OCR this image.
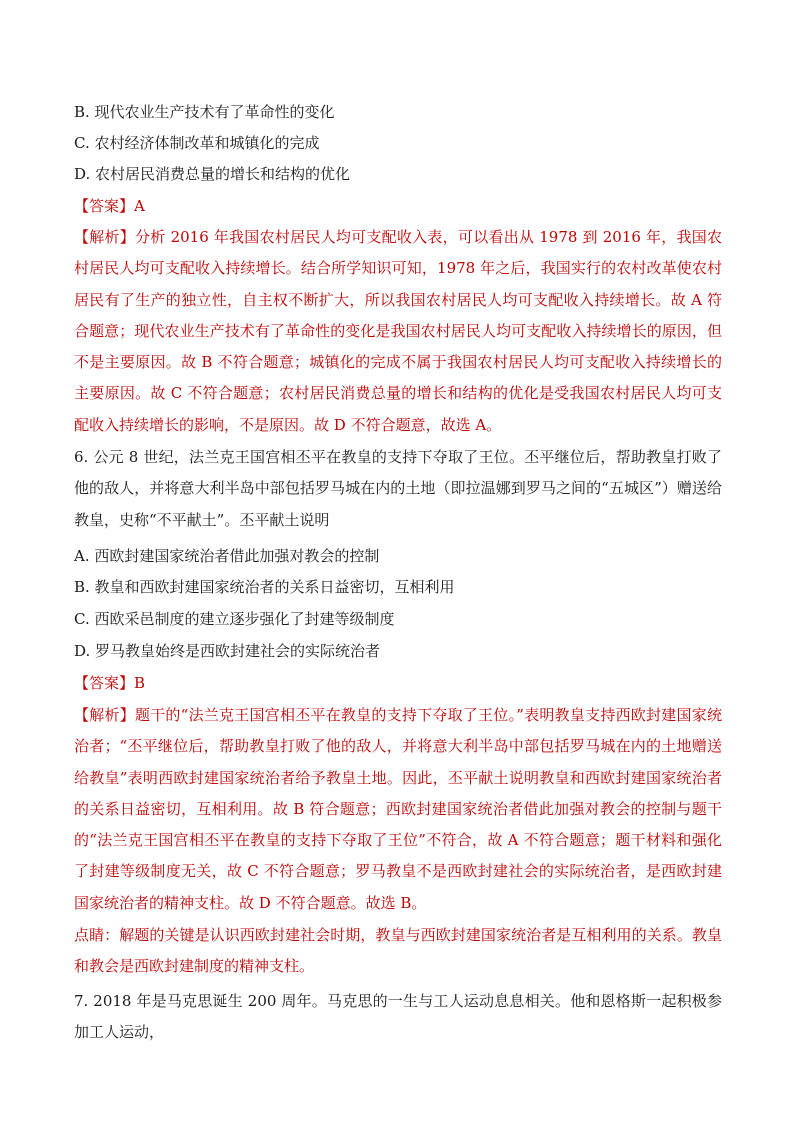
B. 现代农业生产技术有了革命性的变化
C. 农村经济体制改革和城镇化的完成
D. 农村居民消费总量的增长和结构的优化
【答案】A
【解析】分析 2016 年我国农村居民人均可支配收入表，可以看出从 1978 到 2016 年，我国农村居民人均可支配收入持续增长。结合所学知识可知，1978 年之后，我国实行的农村改革使农村居民有了生产的独立性，自主权不断扩大，所以我国农村居民人均可支配收入持续增长。故 A 符合题意；现代农业生产技术有了革命性的变化是我国农村居民人均可支配收入持续增长的原因，但不是主要原因。故 B 不符合题意；城镇化的完成不属于我国农村居民人均可支配收入持续增长的主要原因。故 C 不符合题意；农村居民消费总量的增长和结构的优化是受我国农村居民人均可支配收入持续增长的影响，不是原因。故 D 不符合题意，故选 A。
6. 公元 8 世纪，法兰克王国宫相丕平在教皇的支持下夺取了王位。丕平继位后，帮助教皇打败了他的敌人，并将意大利半岛中部包括罗马城在内的土地（即拉温娜到罗马之间的“五城区”）赠送给教皇，史称“不平献土”。丕平献土说明
A. 西欧封建国家统治者借此加强对教会的控制
B. 教皇和西欧封建国家统治者的关系日益密切，互相利用
C. 西欧采邑制度的建立逐步强化了封建等级制度
D. 罗马教皇始终是西欧封建社会的实际统治者
【答案】B
【解析】题干的“法兰克王国宫相丕平在教皇的支持下夺取了王位。”表明教皇支持西欧封建国家统治者；“丕平继位后，帮助教皇打败了他的敌人，并将意大利半岛中部包括罗马城在内的土地赠送给教皇”表明西欧封建国家统治者给予教皇土地。因此，丕平献土说明教皇和西欧封建国家统治者的关系日益密切，互相利用。故 B 符合题意；西欧封建国家统治者借此加强对教会的控制与题干的“法兰克王国宫相丕平在教皇的支持下夺取了王位”不符合，故 A 不符合题意；题干材料和强化了封建等级制度无关，故 C 不符合题意；罗马教皇不是西欧封建社会的实际统治者，是西欧封建国家统治者的精神支柱。故 D 不符合题意。故选 B。
点睛：解题的关键是认识西欧封建社会时期，教皇与西欧封建国家统治者是互相利用的关系。教皇和教会是西欧封建制度的精神支柱。
7. 2018 年是马克思诞生 200 周年。马克思的一生与工人运动息息相关。他和恩格斯一起积极参加工人运动，
